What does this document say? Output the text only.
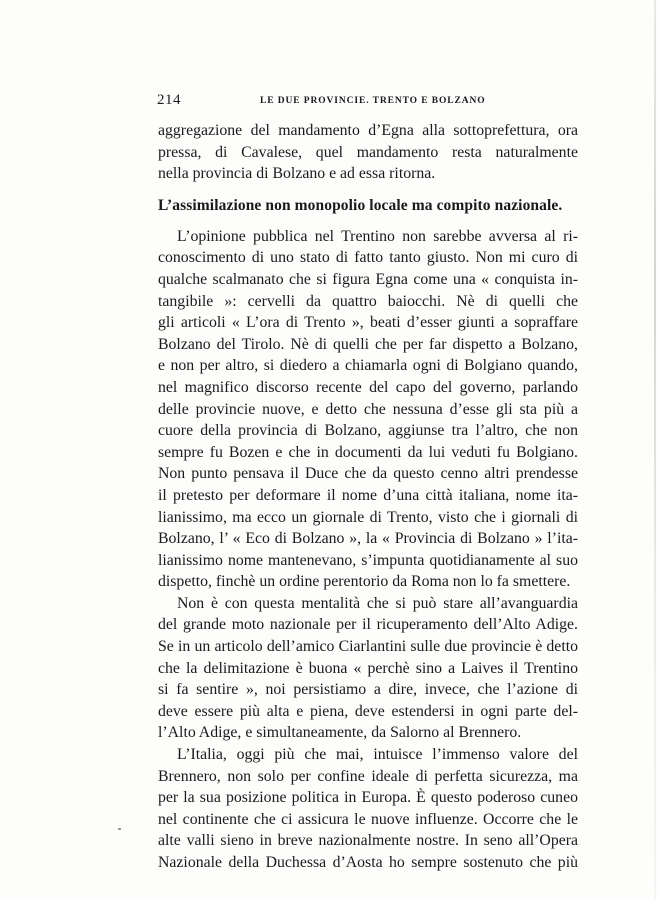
214	LE DUE PROVINCIE. TRENTO E BOLZANO
aggregazione del mandamento d’Egna alla sottoprefettura, ora
pressa, di Cavalese, quel mandamento resta naturalmente
nella provincia di Bolzano e ad essa ritorna.
L’assimilazione non monopolio locale ma compito nazionale.
L’opinione pubblica nel Trentino non sarebbe avversa al ri-
conoscimento di uno stato di fatto tanto giusto. Non mi curo di
qualche scalmanato che si figura Egna come una « conquista in-
tangibile »: cervelli da quattro baiocchi. Nè di quelli che
gli articoli « L’ora di Trento », beati d’esser giunti a sopraffare
Bolzano del Tirolo. Nè di quelli che per far dispetto a Bolzano,
e non per altro, si diedero a chiamarla ogni di Bolgiano quando,
nel magnifico discorso recente del capo del governo, parlando
delle provincie nuove, e detto che nessuna d’esse gli sta più a
cuore della provincia di Bolzano, aggiunse tra l’altro, che non
sempre fu Bozen e che in documenti da lui veduti fu Bolgiano.
Non punto pensava il Duce che da questo cenno altri prendesse
il pretesto per deformare il nome d’una città italiana, nome ita-
lianissimo, ma ecco un giornale di Trento, visto che i giornali di
Bolzano, l’ « Eco di Bolzano », la « Provincia di Bolzano » l’ita-
lianissimo nome mantenevano, s’impunta quotidianamente al suo
dispetto, finchè un ordine perentorio da Roma non lo fa smettere.
Non è con questa mentalità che si può stare all’avanguardia
del grande moto nazionale per il ricuperamento dell’Alto Adige.
Se in un articolo dell’amico Ciarlantini sulle due provincie è detto
che la delimitazione è buona « perchè sino a Laives il Trentino
si fa sentire », noi persistiamo a dire, invece, che l’azione di
deve essere più alta e piena, deve estendersi in ogni parte del-
l’Alto Adige, e simultaneamente, da Salorno al Brennero.
L’Italia, oggi più che mai, intuisce l’immenso valore del
Brennero, non solo per confine ideale di perfetta sicurezza, ma
per la sua posizione politica in Europa. È questo poderoso cuneo
nel continente che ci assicura le nuove influenze. Occorre che le
alte valli sieno in breve nazionalmente nostre. In seno all’Opera
Nazionale della Duchessa d’Aosta ho sempre sostenuto che più
